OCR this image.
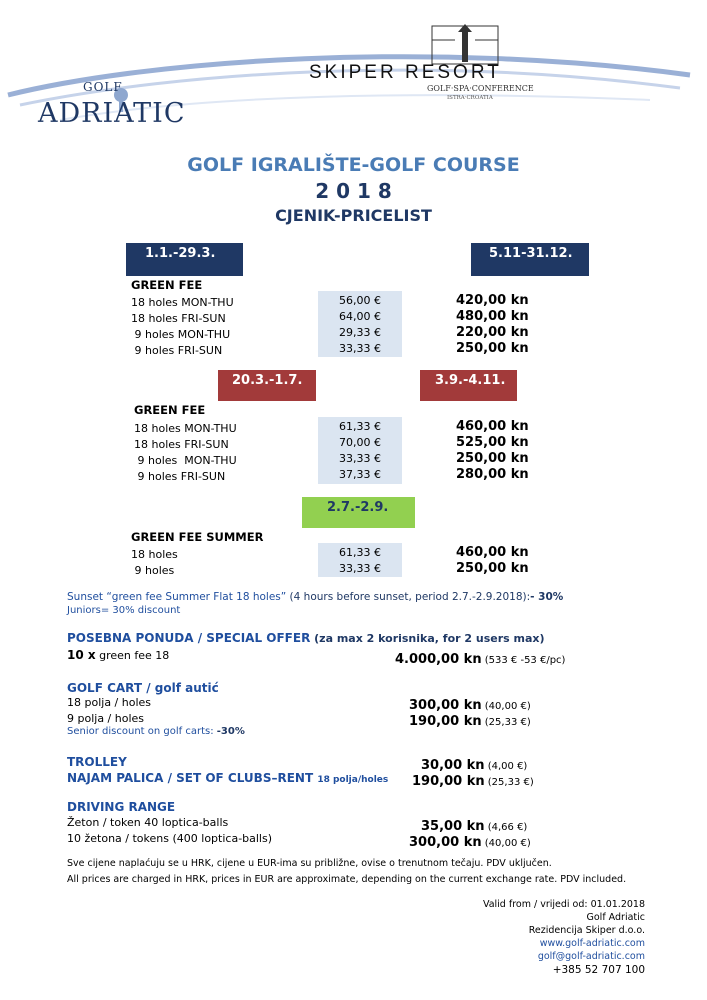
GOLF
ADRIATIC
SKIPER RESORT
GOLF·SPA·CONFERENCE
ISTRA·CROATIA
GOLF IGRALIŠTE-GOLF COURSE
2 0 1 8
CJENIK-PRICELIST
1.1.-29.3.	5.11-31.12.
GREEN FEE
18 holes MON-THU	56,00 €	420,00 kn
18 holes FRI-SUN	64,00 €	480,00 kn
9 holes MON-THU	29,33 €	220,00 kn
9 holes FRI-SUN	33,33 €	250,00 kn
20.3.-1.7.	3.9.-4.11.
GREEN FEE
18 holes MON-THU	61,33 €	460,00 kn
18 holes FRI-SUN	70,00 €	525,00 kn
9 holes  MON-THU	33,33 €	250,00 kn
9 holes FRI-SUN	37,33 €	280,00 kn
2.7.-2.9.
GREEN FEE SUMMER
18 holes	61,33 €	460,00 kn
9 holes	33,33 €	250,00 kn
Sunset “green fee Summer Flat 18 holes” (4 hours before sunset, period 2.7.-2.9.2018):- 30%
Juniors= 30% discount
POSEBNA PONUDA / SPECIAL OFFER (za max 2 korisnika, for 2 users max)
10 x green fee 18	4.000,00 kn (533 € -53 €/pc)
GOLF CART / golf autić
18 polja / holes	300,00 kn (40,00 €)
9 polja / holes	190,00 kn (25,33 €)
Senior discount on golf carts: -30%
TROLLEY	30,00 kn (4,00 €)
NAJAM PALICA / SET OF CLUBS–RENT 18 polja/holes 190,00 kn (25,33 €)
DRIVING RANGE
Žeton / token 40 loptica-balls	35,00 kn (4,66 €)
10 žetona / tokens (400 loptica-balls)	300,00 kn (40,00 €)
Sve cijene naplaćuju se u HRK, cijene u EUR-ima su približne, ovise o trenutnom tečaju. PDV uključen.
All prices are charged in HRK, prices in EUR are approximate, depending on the current exchange rate. PDV included.
Valid from / vrijedi od: 01.01.2018
Golf Adriatic
Rezidencija Skiper d.o.o.
www.golf-adriatic.com
golf@golf-adriatic.com
+385 52 707 100
